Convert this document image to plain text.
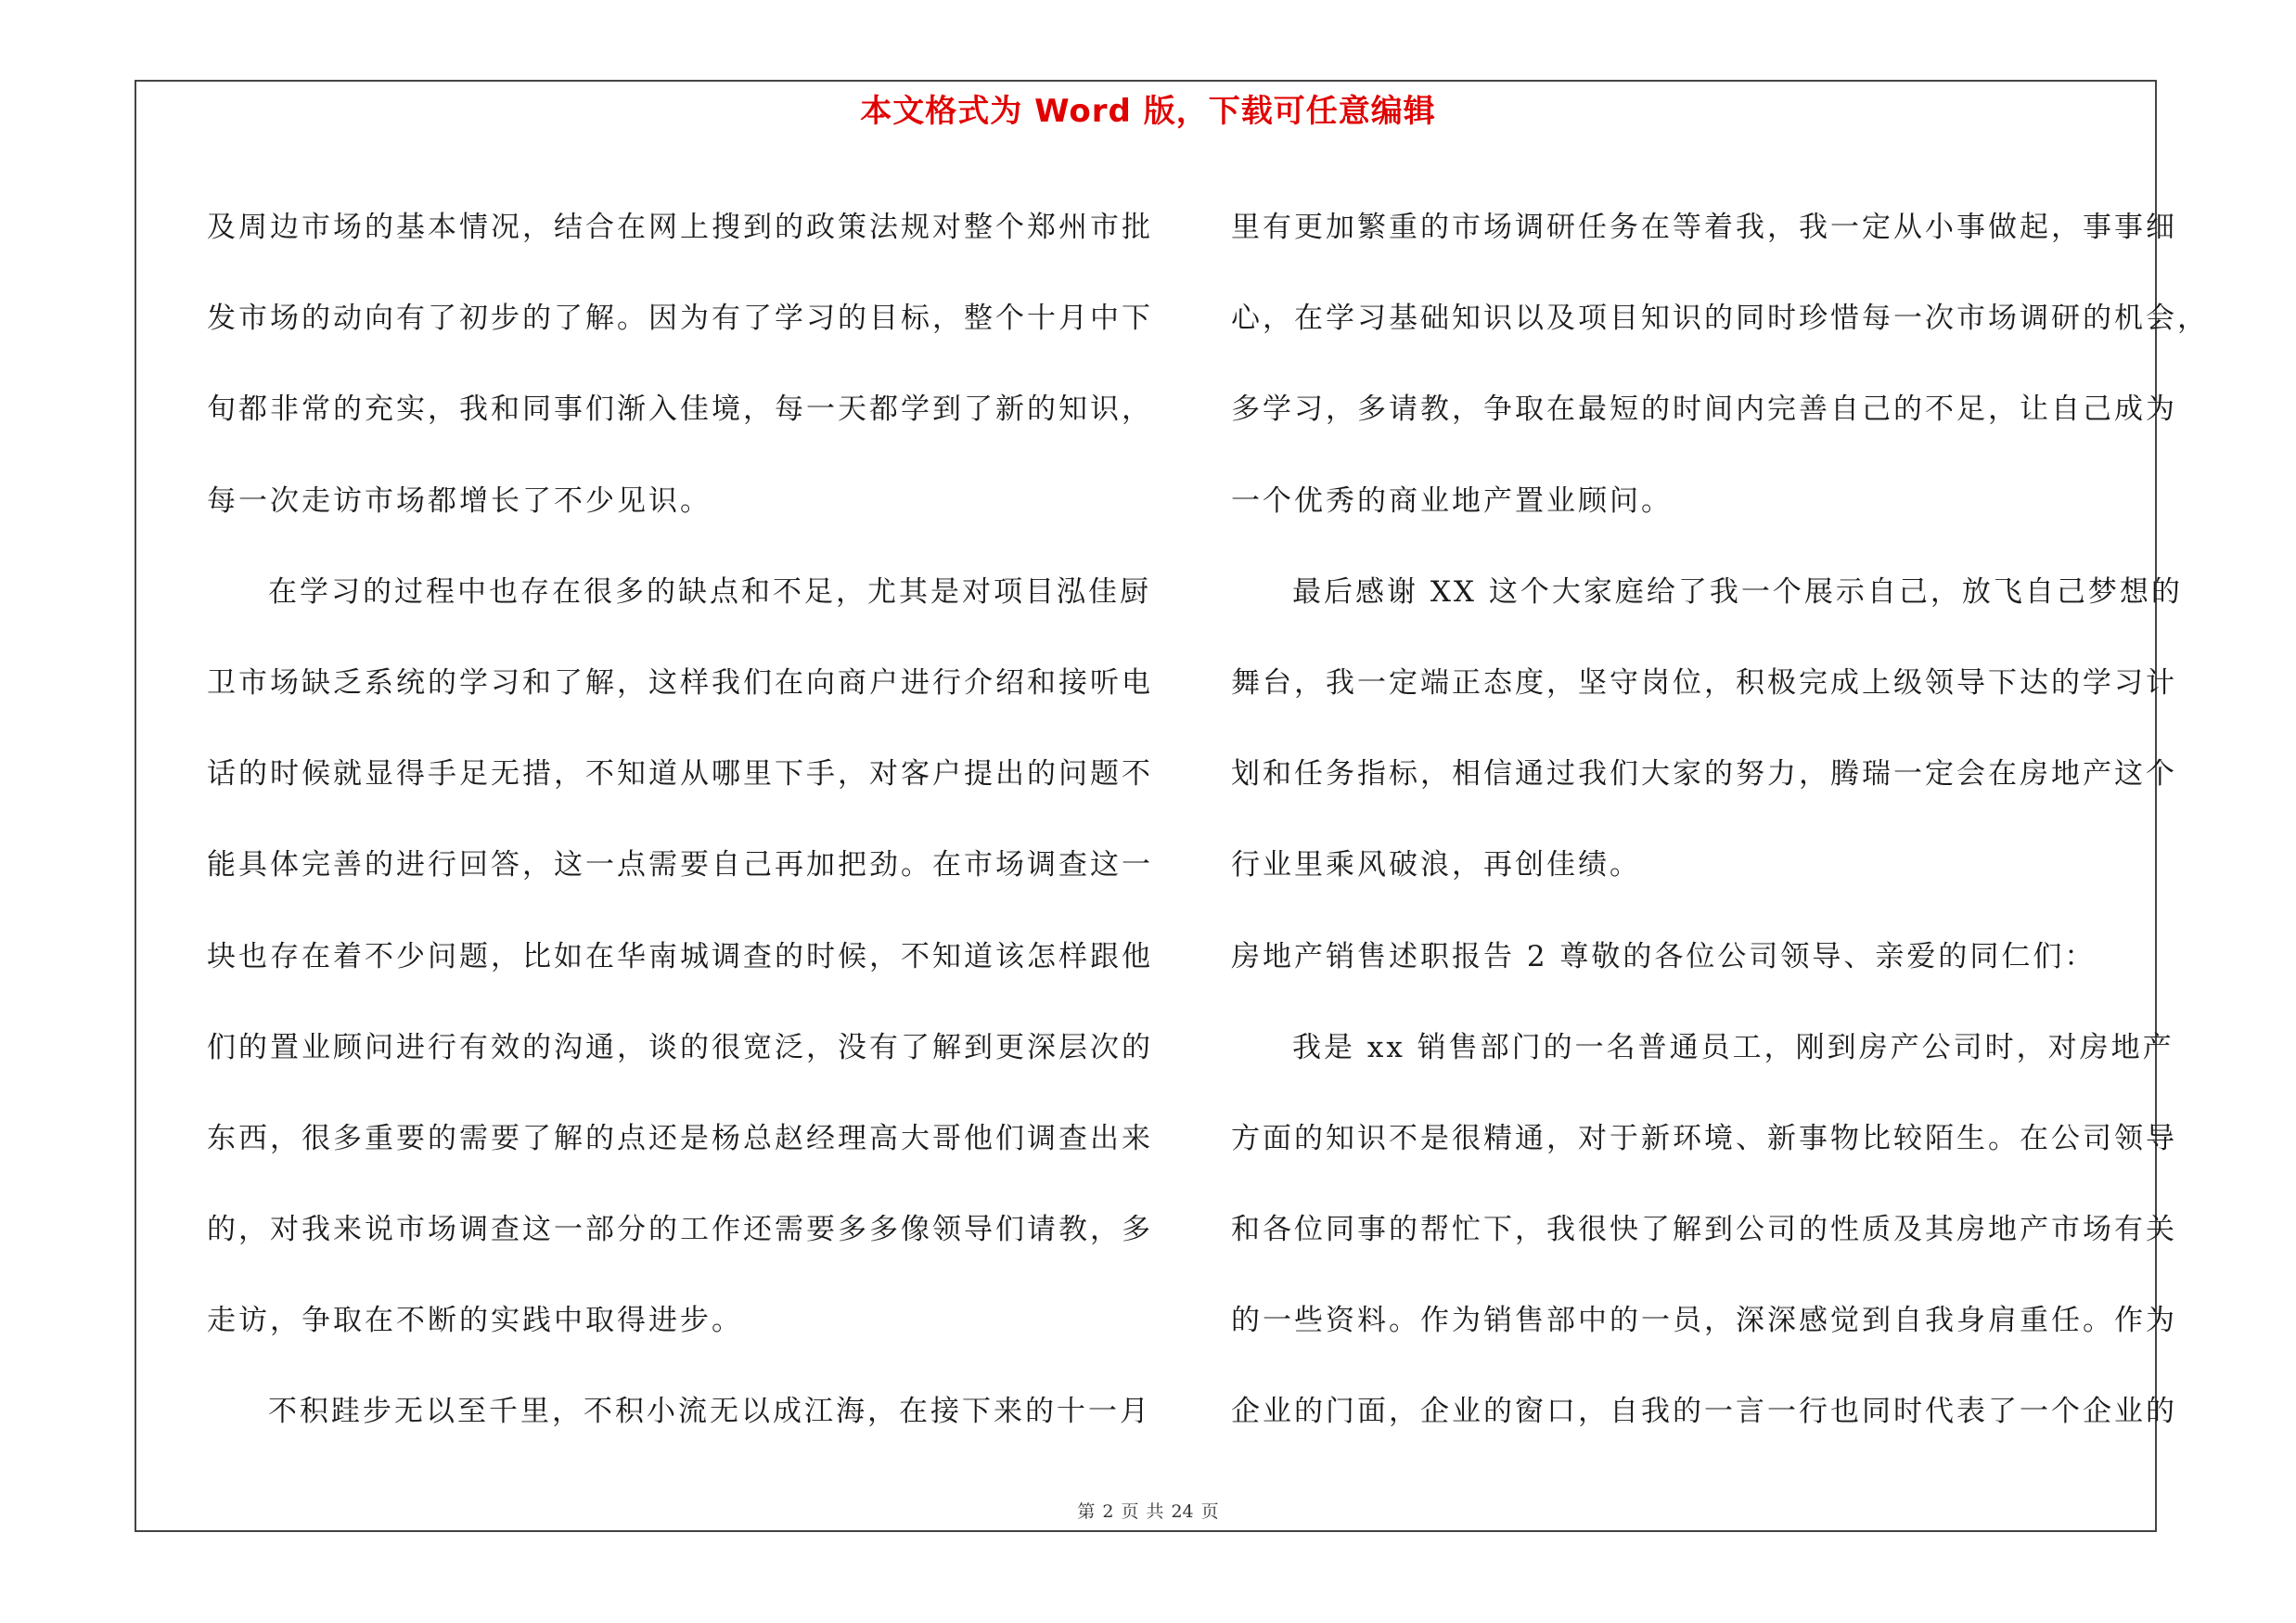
本文格式为 Word 版，下载可任意编辑
及周边市场的基本情况，结合在网上搜到的政策法规对整个郑州市批
发市场的动向有了初步的了解。因为有了学习的目标，整个十月中下
旬都非常的充实，我和同事们渐入佳境，每一天都学到了新的知识，
每一次走访市场都增长了不少见识。
在学习的过程中也存在很多的缺点和不足，尤其是对项目泓佳厨
卫市场缺乏系统的学习和了解，这样我们在向商户进行介绍和接听电
话的时候就显得手足无措，不知道从哪里下手，对客户提出的问题不
能具体完善的进行回答，这一点需要自己再加把劲。在市场调查这一
块也存在着不少问题，比如在华南城调查的时候，不知道该怎样跟他
们的置业顾问进行有效的沟通，谈的很宽泛，没有了解到更深层次的
东西，很多重要的需要了解的点还是杨总赵经理高大哥他们调查出来
的，对我来说市场调查这一部分的工作还需要多多像领导们请教，多
走访，争取在不断的实践中取得进步。
不积跬步无以至千里，不积小流无以成江海，在接下来的十一月
里有更加繁重的市场调研任务在等着我，我一定从小事做起，事事细
心，在学习基础知识以及项目知识的同时珍惜每一次市场调研的机会，
多学习，多请教，争取在最短的时间内完善自己的不足，让自己成为
一个优秀的商业地产置业顾问。
最后感谢 XX 这个大家庭给了我一个展示自己，放飞自己梦想的
舞台，我一定端正态度，坚守岗位，积极完成上级领导下达的学习计
划和任务指标，相信通过我们大家的努力，腾瑞一定会在房地产这个
行业里乘风破浪，再创佳绩。
房地产销售述职报告 2 尊敬的各位公司领导、亲爱的同仁们：
我是 xx 销售部门的一名普通员工，刚到房产公司时，对房地产
方面的知识不是很精通，对于新环境、新事物比较陌生。在公司领导
和各位同事的帮忙下，我很快了解到公司的性质及其房地产市场有关
的一些资料。作为销售部中的一员，深深感觉到自我身肩重任。作为
企业的门面，企业的窗口，自我的一言一行也同时代表了一个企业的
第 2 页 共 24 页
